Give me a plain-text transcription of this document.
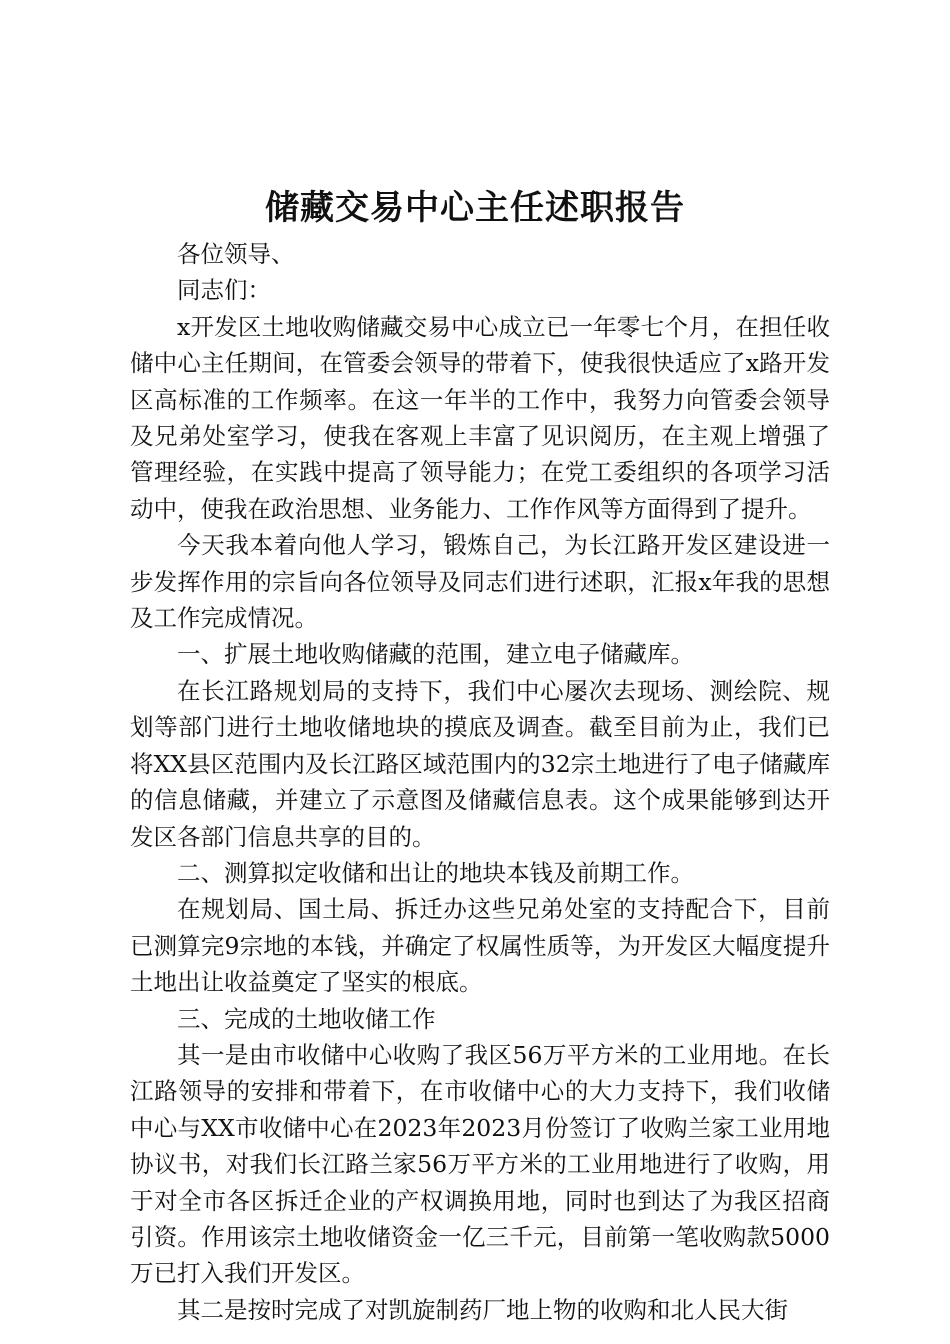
储藏交易中心主任述职报告

各位领导、

同志们：

x开发区土地收购储藏交易中心成立已一年零七个月，在担任收储中心主任期间，在管委会领导的带着下，使我很快适应了x路开发区高标准的工作频率。在这一年半的工作中，我努力向管委会领导及兄弟处室学习，使我在客观上丰富了见识阅历，在主观上增强了管理经验，在实践中提高了领导能力；在党工委组织的各项学习活动中，使我在政治思想、业务能力、工作作风等方面得到了提升。

今天我本着向他人学习，锻炼自己，为长江路开发区建设进一步发挥作用的宗旨向各位领导及同志们进行述职，汇报x年我的思想及工作完成情况。

一、扩展土地收购储藏的范围，建立电子储藏库。

在长江路规划局的支持下，我们中心屡次去现场、测绘院、规划等部门进行土地收储地块的摸底及调查。截至目前为止，我们已将XX县区范围内及长江路区域范围内的32宗土地进行了电子储藏库的信息储藏，并建立了示意图及储藏信息表。这个成果能够到达开发区各部门信息共享的目的。

二、测算拟定收储和出让的地块本钱及前期工作。

在规划局、国土局、拆迁办这些兄弟处室的支持配合下，目前已测算完9宗地的本钱，并确定了权属性质等，为开发区大幅度提升土地出让收益奠定了坚实的根底。

三、完成的土地收储工作

其一是由市收储中心收购了我区56万平方米的工业用地。在长江路领导的安排和带着下，在市收储中心的大力支持下，我们收储中心与XX市收储中心在2023年2023月份签订了收购兰家工业用地协议书，对我们长江路兰家56万平方米的工业用地进行了收购，用于对全市各区拆迁企业的产权调换用地，同时也到达了为我区招商引资。作用该宗土地收储资金一亿三千元，目前第一笔收购款5000万已打入我们开发区。

其二是按时完成了对凯旋制药厂地上物的收购和北人民大街
